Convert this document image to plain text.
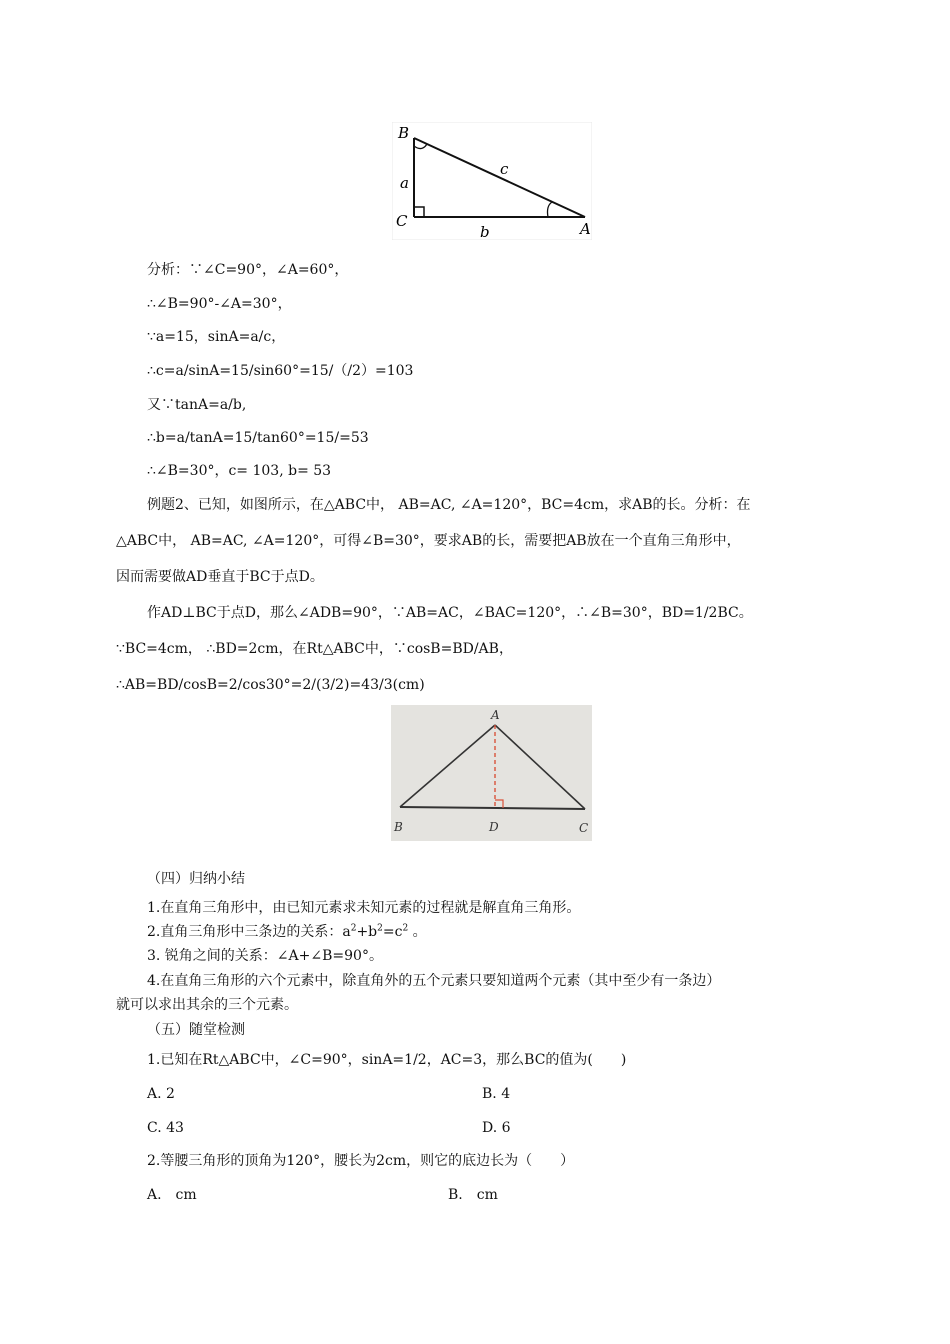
B
a
C
c
b	A
分析：∵∠C=90°，∠A=60°，
∴∠B=90°-∠A=30°，
∵a=15，sinA=a/c，
∴c=a/sinA=15/sin60°=15/（/2）=103
又∵tanA=a/b,
∴b=a/tanA=15/tan60°=15/=53
∴∠B=30°，c= 103, b= 53
例题2、已知，如图所示，在△ABC中， AB=AC, ∠A=120°，BC=4cm，求AB的长。分析：在
△ABC中， AB=AC, ∠A=120°，可得∠B=30°，要求AB的长，需要把AB放在一个直角三角形中，
因而需要做AD垂直于BC于点D。
作AD⊥BC于点D，那么∠ADB=90°，∵AB=AC，∠BAC=120°，∴∠B=30°，BD=1/2BC。
∵BC=4cm， ∴BD=2cm，在Rt△ABC中，∵cosB=BD/AB，
∴AB=BD/cosB=2/cos30°=2/(3/2)=43/3(cm)
A
B	D	C
（四）归纳小结
1.在直角三角形中，由已知元素求未知元素的过程就是解直角三角形。
2.直角三角形中三条边的关系：$a^2+b^2=c^2$ 。
3. 锐角之间的关系：∠A+∠B=90°。
4.在直角三角形的六个元素中，除直角外的五个元素只要知道两个元素（其中至少有一条边）
就可以求出其余的三个元素。
（五）随堂检测
1.已知在Rt△ABC中，∠C=90°，sinA=1/2，AC=3，那么BC的值为(　　)
A. 2	B. 4
C. 43	D. 6
2.等腰三角形的顶角为120°，腰长为2cm，则它的底边长为（　　）
A.　cm	B.　cm
